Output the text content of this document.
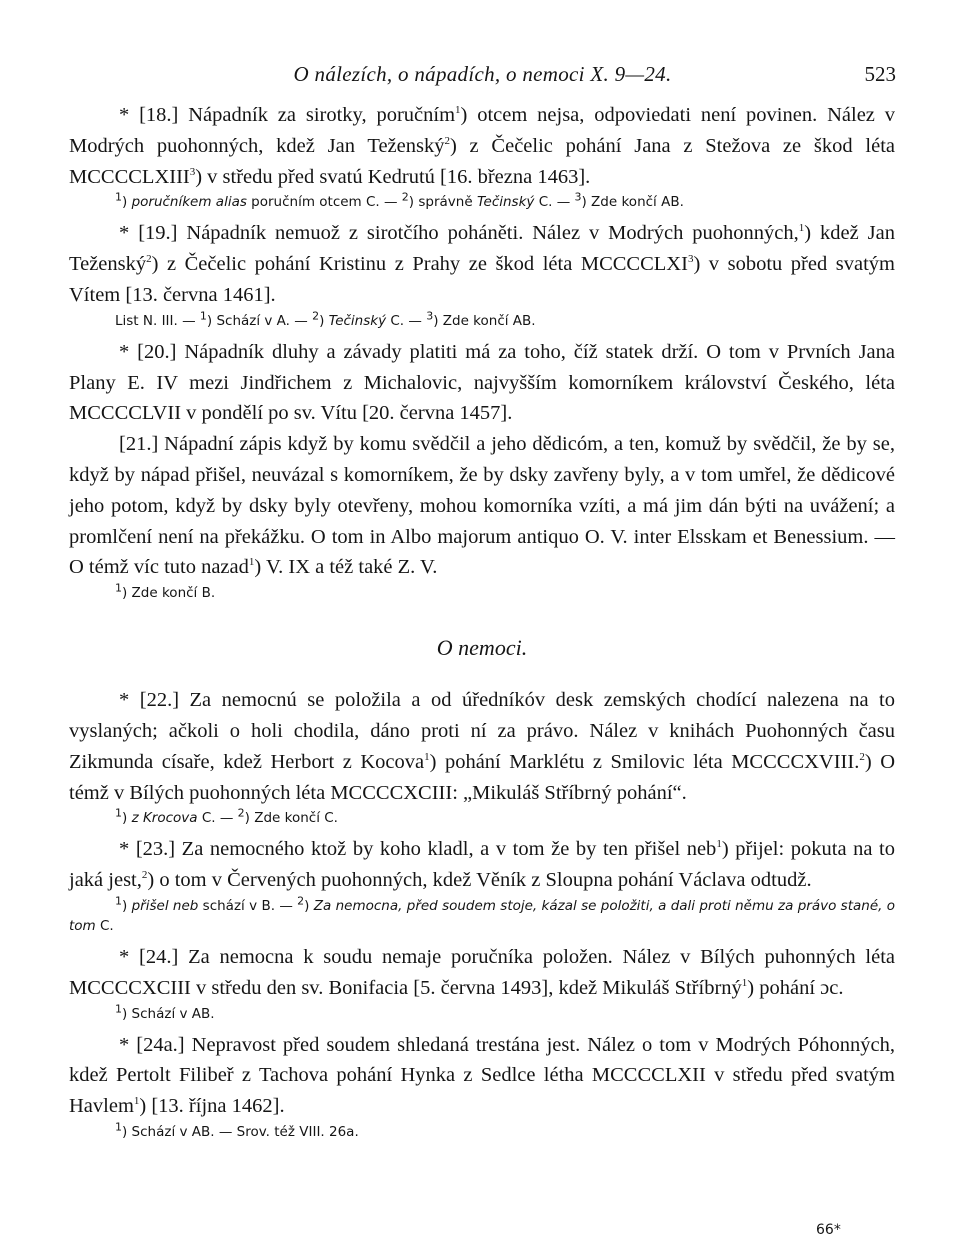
O nálezích, o nápadích, o nemoci X. 9—24.	523

* [18.] Nápadník za sirotky, poručním$^1$) otcem nejsa, odpoviedati není povinen. Nález v Modrých puohonných, kdež Jan Teženský$^2$) z Čečelic pohání Jana z Stežova ze škod léta MCCCCLXIII$^3$) v středu před svatú Kedrutú [16. března 1463].

$^1$) poručníkem alias poručním otcem C. — $^2$) správně Tečinský C. — $^3$) Zde končí AB.

* [19.] Nápadník nemuož z sirotčího poháněti. Nález v Modrých puohonných,$^1$) kdež Jan Teženský$^2$) z Čečelic pohání Kristinu z Prahy ze škod léta MCCCCLXI$^3$) v sobotu před svatým Vítem [13. června 1461].

List N. III. — $^1$) Schází v A. — $^2$) Tečinský C. — $^3$) Zde končí AB.

* [20.] Nápadník dluhy a závady platiti má za toho, číž statek drží. O tom v Prvních Jana Plany E. IV mezi Jindřichem z Michalovic, najvyšším komorníkem království Českého, léta MCCCCLVII v pondělí po sv. Vítu [20. června 1457].

[21.] Nápadní zápis když by komu svědčil a jeho dědicóm, a ten, komuž by svědčil, že by se, když by nápad přišel, neuvázal s komorníkem, že by dsky zavřeny byly, a v tom umřel, že dědicové jeho potom, když by dsky byly otevřeny, mohou komorníka vzíti, a má jim dán býti na uvážení; a promlčení není na překážku. O tom in Albo majorum antiquo O. V. inter Elsskam et Benessium. — O témž víc tuto nazad$^1$) V. IX a též také Z. V.

$^1$) Zde končí B.

O nemoci.

* [22.] Za nemocnú se položila a od úředníkóv desk zemských chodící nalezena na to vyslaných; ačkoli o holi chodila, dáno proti ní za právo. Nález v knihách Puohonných času Zikmunda císaře, kdež Herbort z Kocova$^1$) pohání Marklétu z Smilovic léta MCCCCXVIII.$^2$) O témž v Bílých puohonných léta MCCCCXCIII: „Mikuláš Stříbrný pohání“.

$^1$) z Krocova C. — $^2$) Zde končí C.

* [23.] Za nemocného ktož by koho kladl, a v tom že by ten přišel neb$^1$) přijel: pokuta na to jaká jest,$^2$) o tom v Červených puohonných, kdež Věník z Sloupna pohání Václava odtudž.

$^1$) přišel neb schází v B. — $^2$) Za nemocna, před soudem stoje, kázal se položiti, a dali proti němu za právo stané, o tom C.

* [24.] Za nemocna k soudu nemaje poručníka položen. Nález v Bílých puhonných léta MCCCCXCIII v středu den sv. Bonifacia [5. června 1493], kdež Mikuláš Stříbrný$^1$) pohání ɔc.

$^1$) Schází v AB.

* [24a.] Nepravost před soudem shledaná trestána jest. Nález o tom v Modrých Póhonných, kdež Pertolt Filibeř z Tachova pohání Hynka z Sedlce létha MCCCCLXII v středu před svatým Havlem$^1$) [13. října 1462].

$^1$) Schází v AB. — Srov. též VIII. 26a.

66*
